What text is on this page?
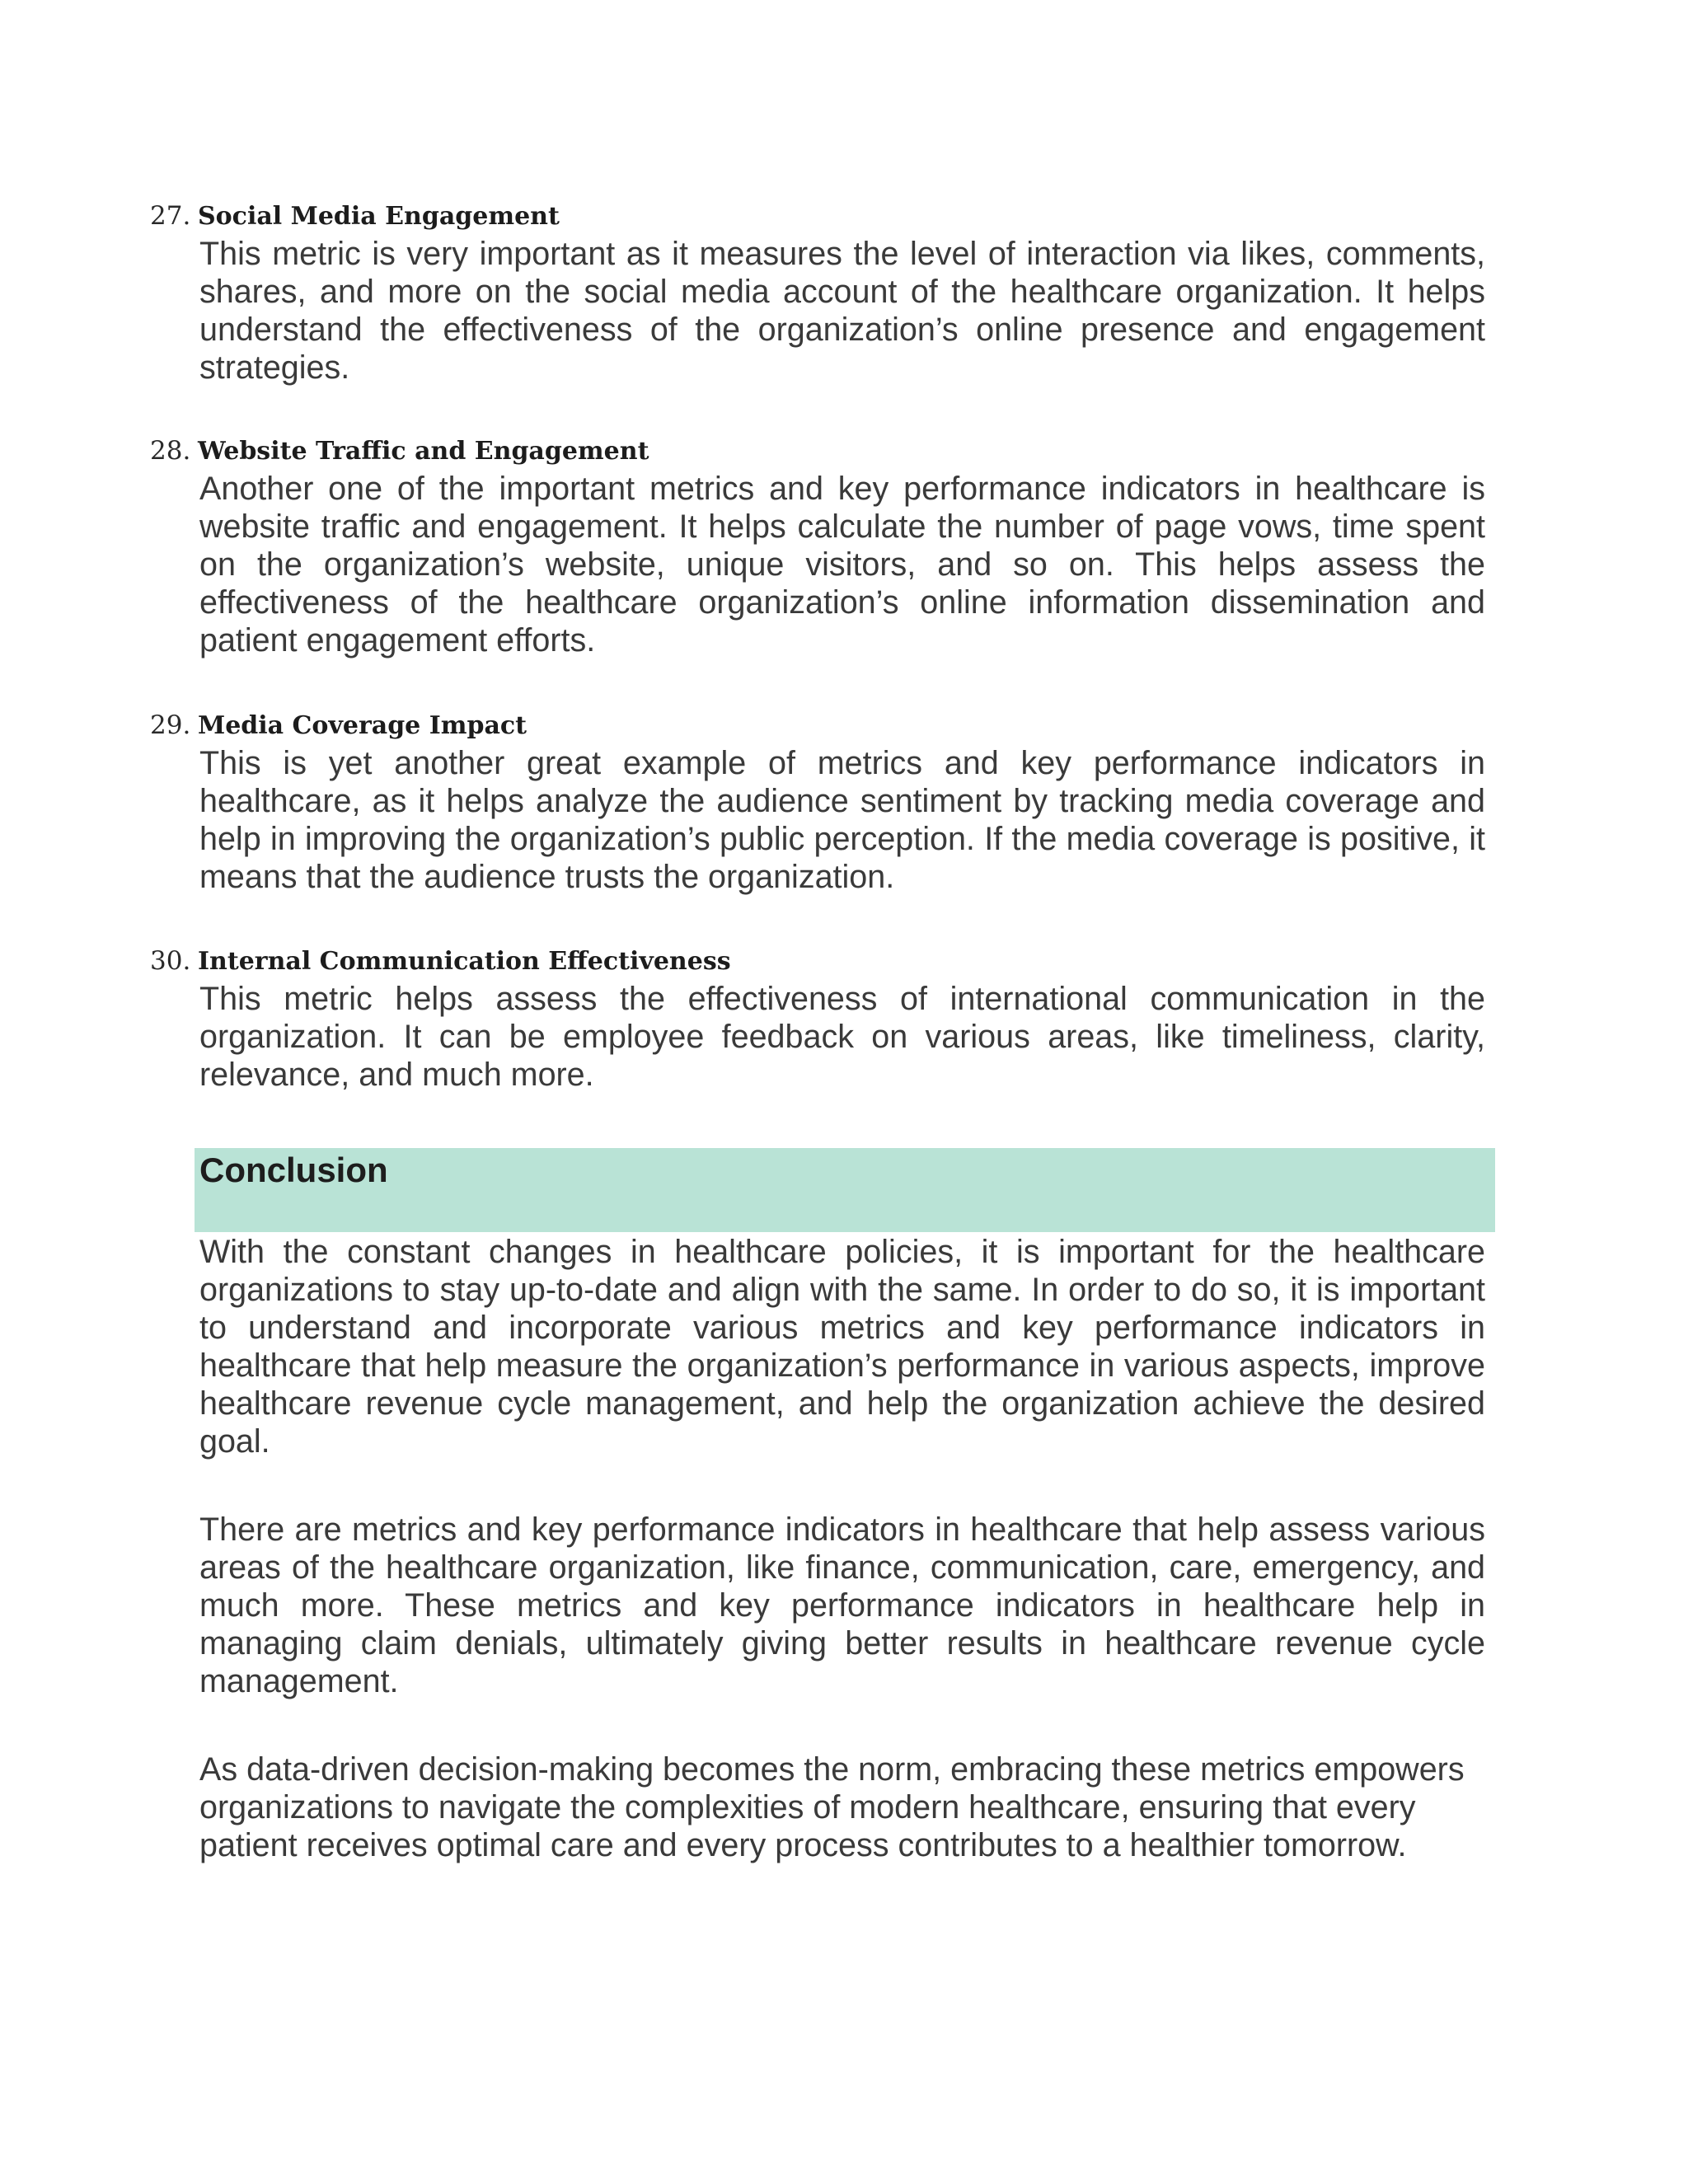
27. Social Media Engagement
This metric is very important as it measures the level of interaction via likes, comments, shares, and more on the social media account of the healthcare organization. It helps understand the effectiveness of the organization’s online presence and engagement strategies.
28. Website Traffic and Engagement
Another one of the important metrics and key performance indicators in healthcare is website traffic and engagement. It helps calculate the number of page vows, time spent on the organization’s website, unique visitors, and so on. This helps assess the effectiveness of the healthcare organization’s online information dissemination and patient engagement efforts.
29. Media Coverage Impact
This is yet another great example of metrics and key performance indicators in healthcare, as it helps analyze the audience sentiment by tracking media coverage and help in improving the organization’s public perception. If the media coverage is positive, it means that the audience trusts the organization.
30. Internal Communication Effectiveness
This metric helps assess the effectiveness of international communication in the organization. It can be employee feedback on various areas, like timeliness, clarity, relevance, and much more.
Conclusion

With the constant changes in healthcare policies, it is important for the healthcare organizations to stay up-to-date and align with the same. In order to do so, it is important to understand and incorporate various metrics and key performance indicators in healthcare that help measure the organization’s performance in various aspects, improve healthcare revenue cycle management, and help the organization achieve the desired goal.

There are metrics and key performance indicators in healthcare that help assess various areas of the healthcare organization, like finance, communication, care, emergency, and much more. These metrics and key performance indicators in healthcare help in managing claim denials, ultimately giving better results in healthcare revenue cycle management.

As data-driven decision-making becomes the norm, embracing these metrics empowers organizations to navigate the complexities of modern healthcare, ensuring that every patient receives optimal care and every process contributes to a healthier tomorrow.
